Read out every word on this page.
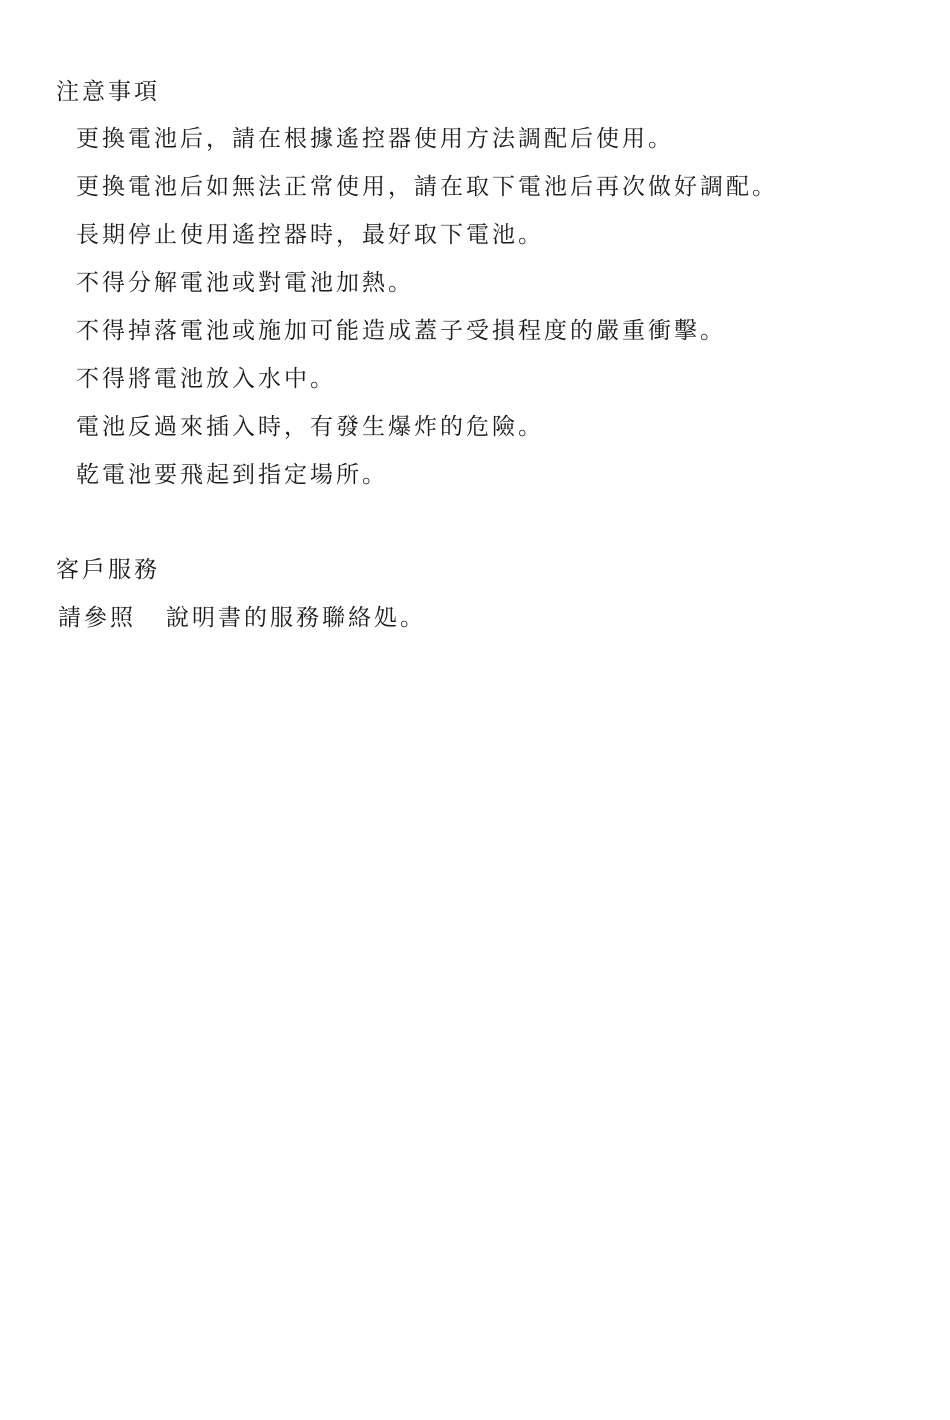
注意事項
更換電池后，請在根據遙控器使用方法調配后使用。
更換電池后如無法正常使用，請在取下電池后再次做好調配。
長期停止使用遙控器時，最好取下電池。
不得分解電池或對電池加熱。
不得掉落電池或施加可能造成蓋子受損程度的嚴重衝擊。
不得將電池放入水中。
電池反過來插入時，有發生爆炸的危險。
乾電池要飛起到指定場所。
客戶服務
請參照 說明書的服務聯絡処。
